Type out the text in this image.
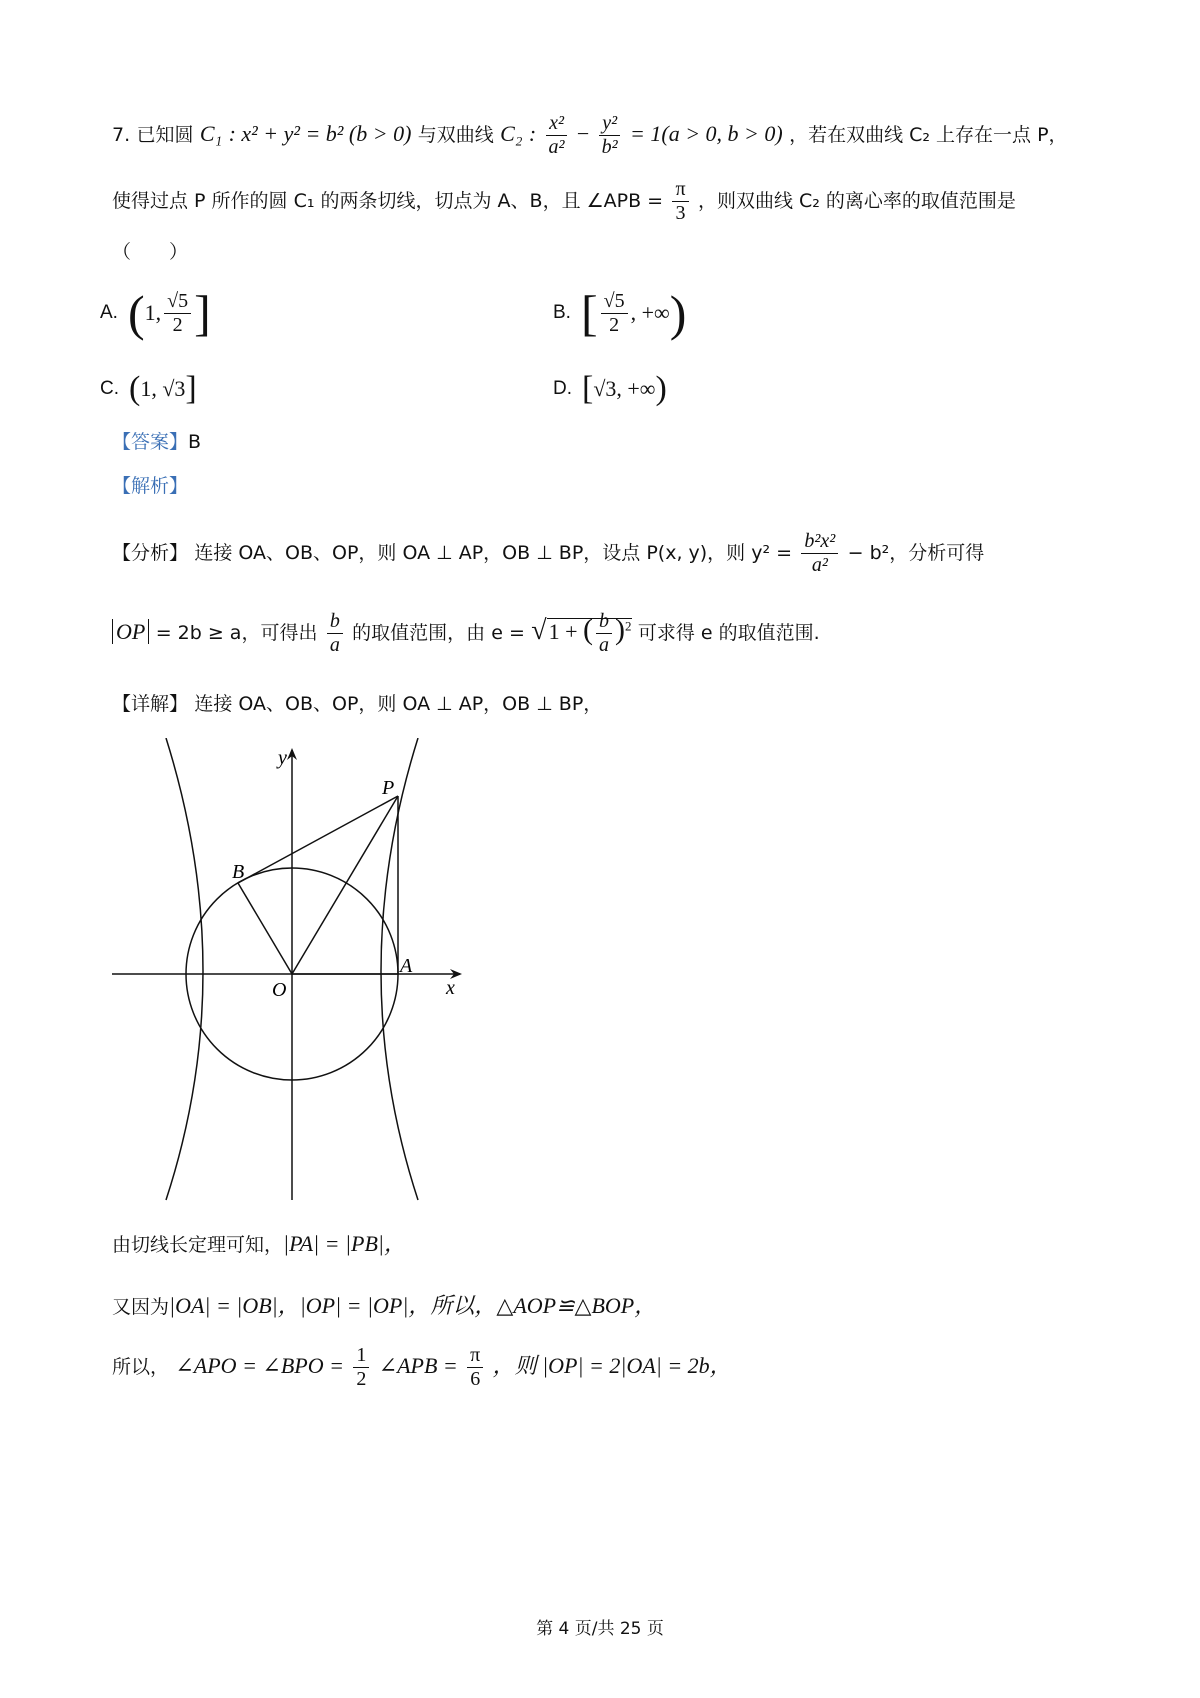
7. 已知圆 C₁ : x² + y² = b² (b > 0) 与双曲线 C₂ : $\frac{\text{x²}}{\text{a²}} - \frac{\text{y²}}{\text{b²}} = 1(a > 0$, b > 0) ，若在双曲线 C₂ 上存在一点 P，
使得过点 P 所作的圆 C₁ 的两条切线，切点为 A、B，且 ∠APB = $\frac{\pi}{3}$ ，则双曲线 C₂ 的离心率的取值范围是
（　　）
A. ( 1, $\frac{√5}{2}$ ]	B. [ $\frac{√5}{2}$ , +∞ )
C. ( 1, √3 ]	D. [ √3, +∞ )
【答案】B
【解析】
【分析】 连接 OA、OB、OP，则 OA ⊥ AP，OB ⊥ BP，设点 P(x, y)，则 $y^2 = \frac{\text{b²x²}}{\text{a²}} - b^2$，分析可得
OP = 2b ≥ a，可得出 $\frac{b}{a}$ 的取值范围，由 e = √1 + ( $\frac{b}{a} )^2$ 可求得 e 的取值范围.
【详解】 连接 OA、OB、OP，则 OA ⊥ AP，OB ⊥ BP，
y
x
O
P
A
B
由切线长定理可知，|PA| = |PB|，
又因为|OA| = |OB|，|OP| = |OP|，所以，△AOP≌△BOP，
所以， ∠APO = ∠BPO = $\frac{1}{2}$ ∠APB = $\frac{\pi}{6}$ ，则 |OP| = 2|OA| = 2b，
第 4 页/共 25 页
